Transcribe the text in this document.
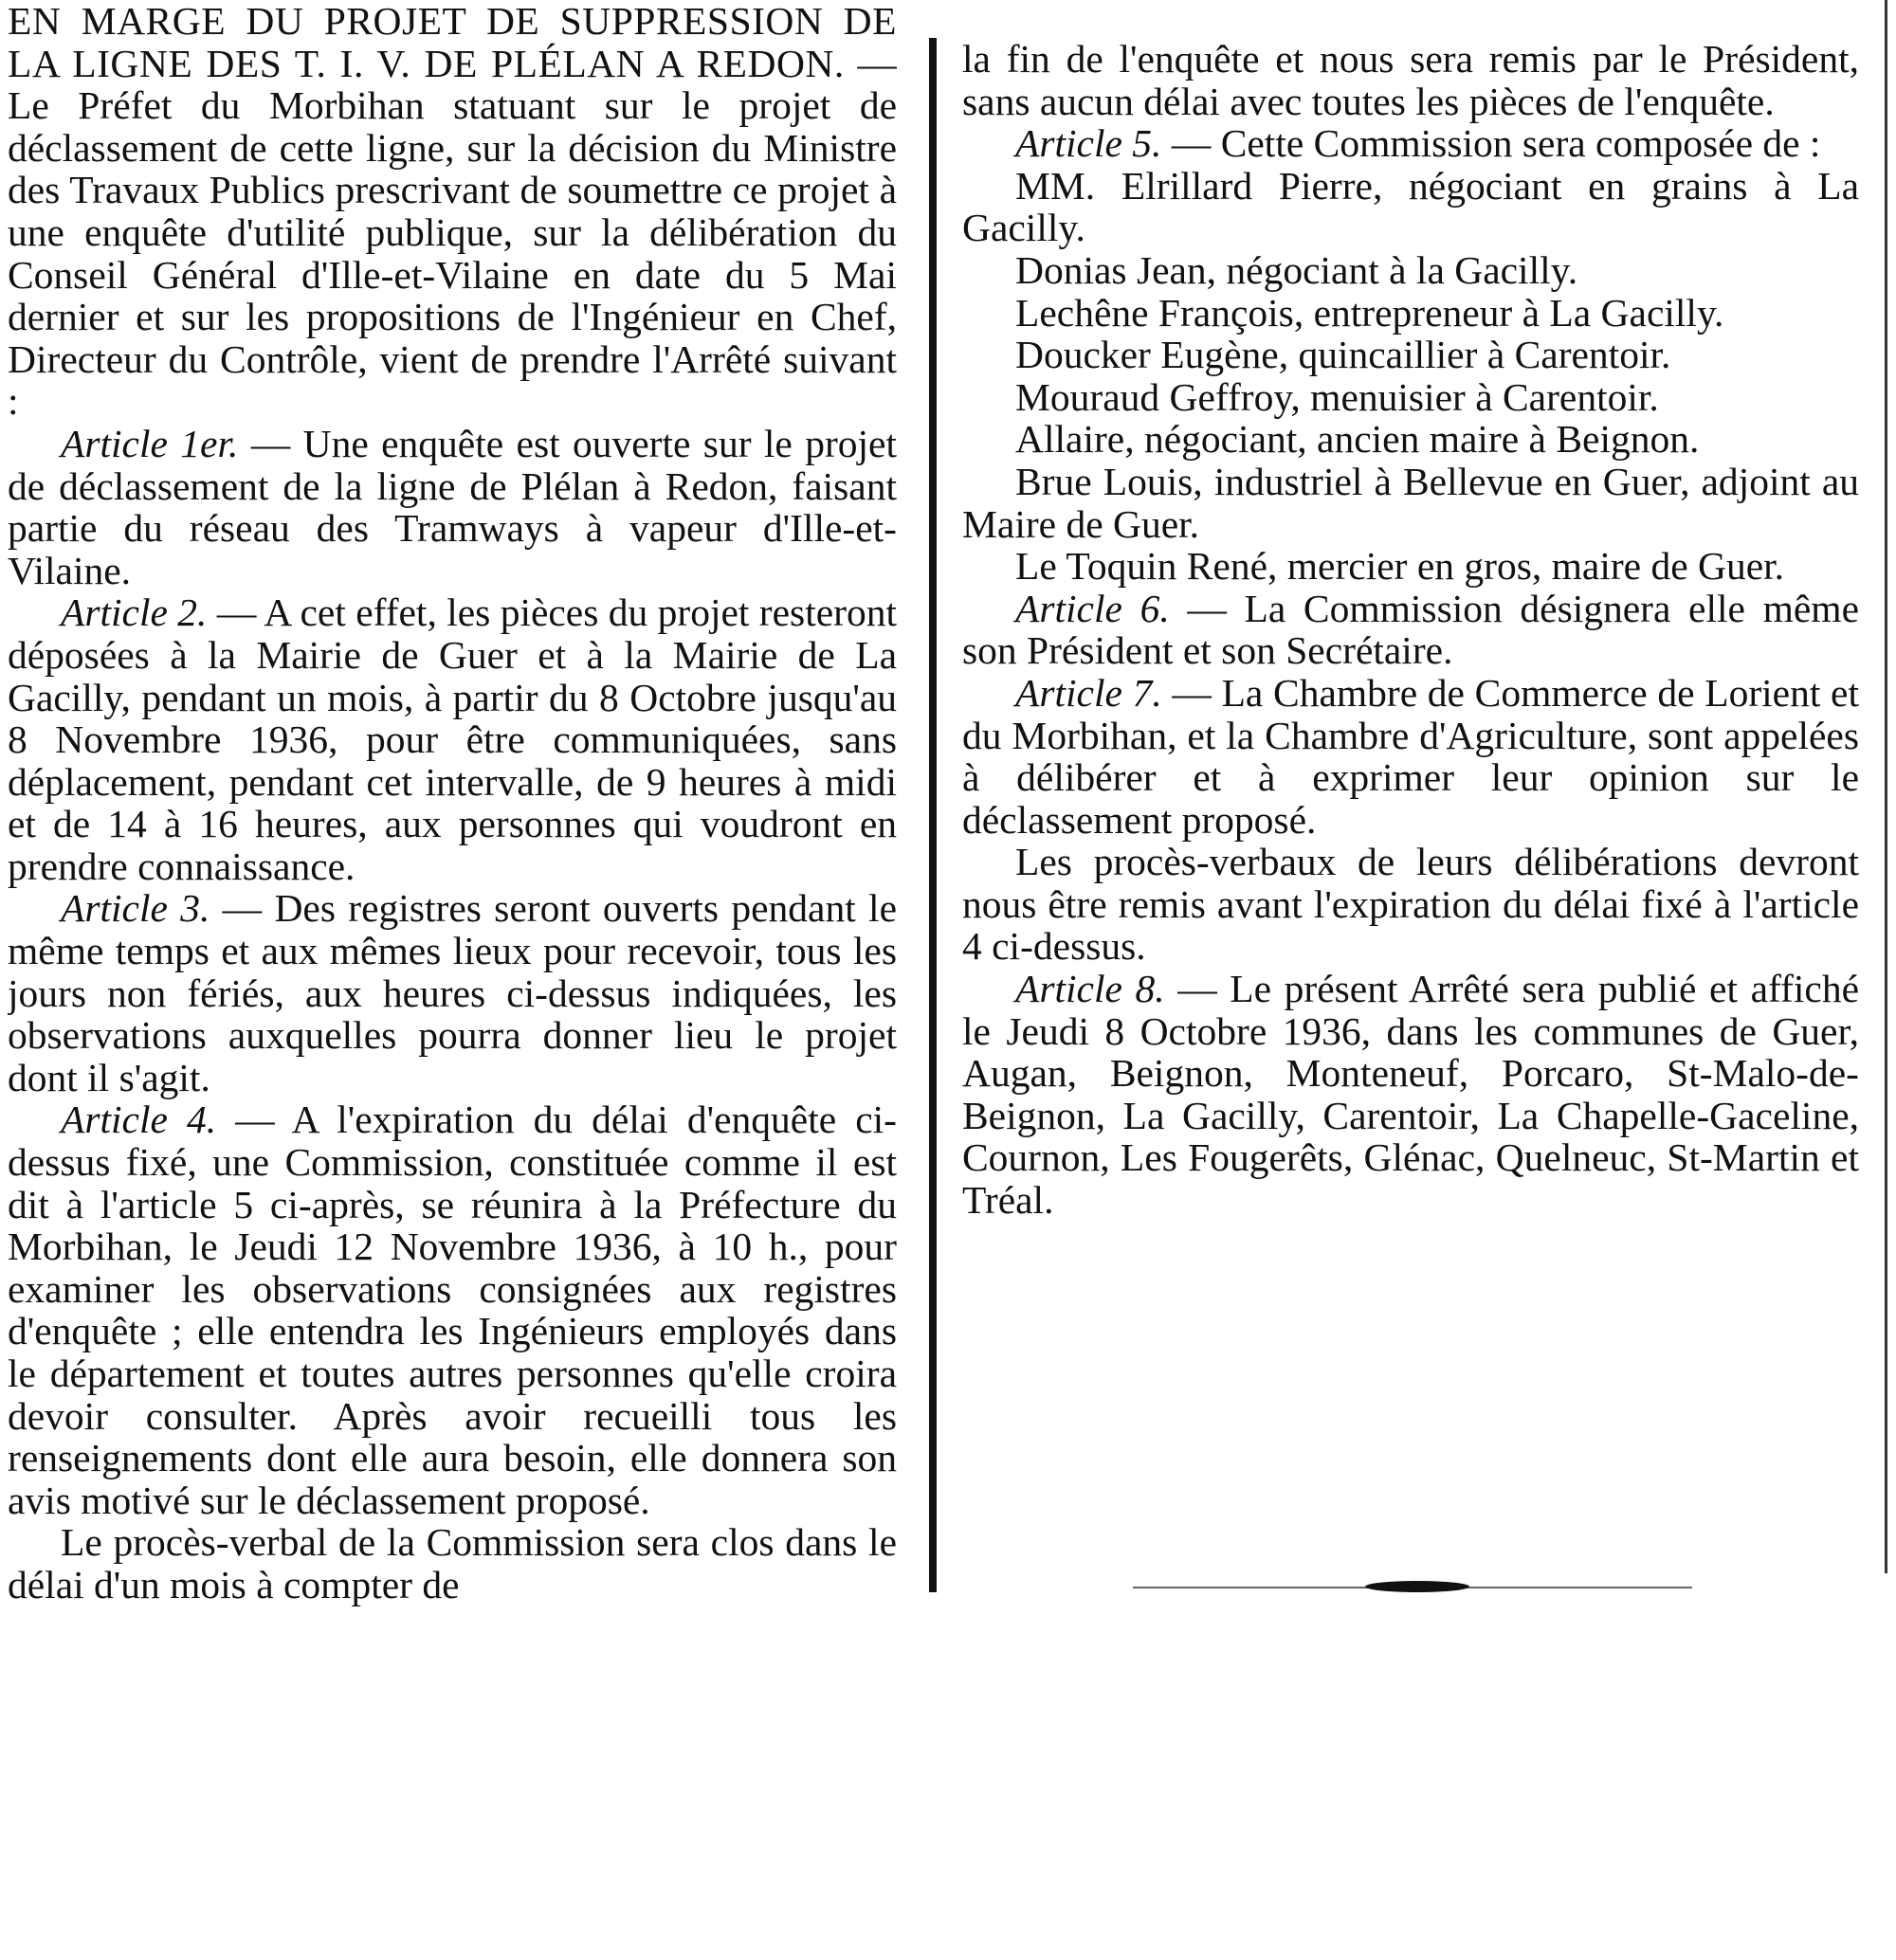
EN MARGE DU PROJET DE SUPPRESSION DE LA LIGNE DES T. I. V. DE PLÉLAN A REDON. — Le Préfet du Morbihan statuant sur le projet de déclassement de cette ligne, sur la décision du Ministre des Travaux Publics prescrivant de soumettre ce projet à une enquête d'utilité publique, sur la délibération du Conseil Général d'Ille-et-Vilaine en date du 5 Mai dernier et sur les propositions de l'Ingénieur en Chef, Directeur du Contrôle, vient de prendre l'Arrêté suivant :

Article 1er. — Une enquête est ouverte sur le projet de déclassement de la ligne de Plélan à Redon, faisant partie du réseau des Tramways à vapeur d'Ille-et-Vilaine.

Article 2. — A cet effet, les pièces du projet resteront déposées à la Mairie de Guer et à la Mairie de La Gacilly, pendant un mois, à partir du 8 Octobre jusqu'au 8 Novembre 1936, pour être communiquées, sans déplacement, pendant cet intervalle, de 9 heures à midi et de 14 à 16 heures, aux personnes qui voudront en prendre connaissance.

Article 3. — Des registres seront ouverts pendant le même temps et aux mêmes lieux pour recevoir, tous les jours non fériés, aux heures ci-dessus indiquées, les observations auxquelles pourra donner lieu le projet dont il s'agit.

Article 4. — A l'expiration du délai d'enquête ci-dessus fixé, une Commission, constituée comme il est dit à l'article 5 ci-après, se réunira à la Préfecture du Morbihan, le Jeudi 12 Novembre 1936, à 10 h., pour examiner les observations consignées aux registres d'enquête ; elle entendra les Ingénieurs employés dans le département et toutes autres personnes qu'elle croira devoir consulter. Après avoir recueilli tous les renseignements dont elle aura besoin, elle donnera son avis motivé sur le déclassement proposé.

Le procès-verbal de la Commission sera clos dans le délai d'un mois à compter de

la fin de l'enquête et nous sera remis par le Président, sans aucun délai avec toutes les pièces de l'enquête.

Article 5. — Cette Commission sera composée de :

MM. Elrillard Pierre, négociant en grains à La Gacilly.

Donias Jean, négociant à la Gacilly.

Lechêne François, entrepreneur à La Gacilly.

Doucker Eugène, quincaillier à Carentoir.

Mouraud Geffroy, menuisier à Carentoir.

Allaire, négociant, ancien maire à Beignon.

Brue Louis, industriel à Bellevue en Guer, adjoint au Maire de Guer.

Le Toquin René, mercier en gros, maire de Guer.

Article 6. — La Commission désignera elle même son Président et son Secrétaire.

Article 7. — La Chambre de Commerce de Lorient et du Morbihan, et la Chambre d'Agriculture, sont appelées à délibérer et à exprimer leur opinion sur le déclassement proposé.

Les procès-verbaux de leurs délibérations devront nous être remis avant l'expiration du délai fixé à l'article 4 ci-dessus.

Article 8. — Le présent Arrêté sera publié et affiché le Jeudi 8 Octobre 1936, dans les communes de Guer, Augan, Beignon, Monteneuf, Porcaro, St-Malo-de-Beignon, La Gacilly, Carentoir, La Chapelle-Gaceline, Cournon, Les Fougerêts, Glénac, Quelneuc, St-Martin et Tréal.
